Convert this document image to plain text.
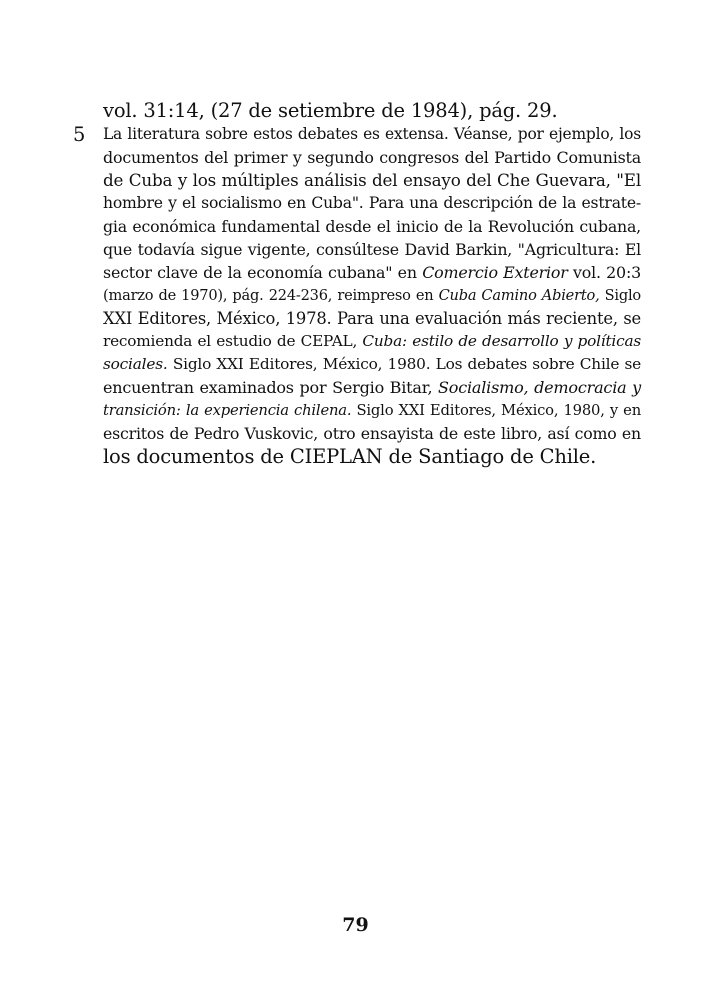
vol. 31:14, (27 de setiembre de 1984), pág. 29.
5 La literatura sobre estos debates es extensa. Véanse, por ejemplo, los
documentos del primer y segundo congresos del Partido Comunista
de Cuba y los múltiples análisis del ensayo del Che Guevara, "El
hombre y el socialismo en Cuba". Para una descripción de la estrate-
gia económica fundamental desde el inicio de la Revolución cubana,
que todavía sigue vigente, consúltese David Barkin, "Agricultura: El
sector clave de la economía cubana" en Comercio Exterior vol. 20:3
(marzo de 1970), pág. 224-236, reimpreso en Cuba Camino Abierto, Siglo
XXI Editores, México, 1978. Para una evaluación más reciente, se
recomienda el estudio de CEPAL, Cuba: estilo de desarrollo y políticas
sociales. Siglo XXI Editores, México, 1980. Los debates sobre Chile se
encuentran examinados por Sergio Bitar, Socialismo, democracia y
transición: la experiencia chilena. Siglo XXI Editores, México, 1980, y en
escritos de Pedro Vuskovic, otro ensayista de este libro, así como en
los documentos de CIEPLAN de Santiago de Chile.
79
